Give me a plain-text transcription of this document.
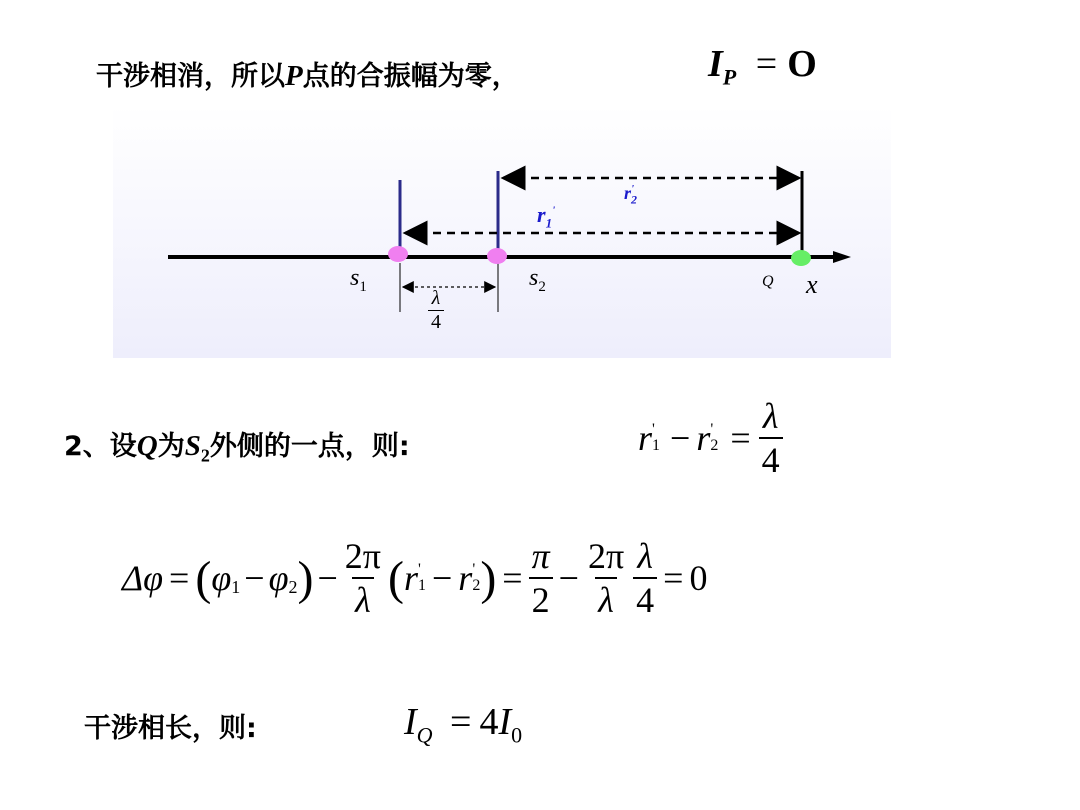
干涉相消，所以P点的合振幅为零，	$I_P = O$
$r_2'$
$r_1'$
$s_1$	$s_2$	Q x
$\frac{\lambda}{4}$
2、设Q为$S_2$外侧的一点，则:	r '
1 − r '
$2 = \frac{\lambda}{4}$
Δφ = ( $\varphi_1 - \varphi_2$ ) − $\frac{2\pi}{\lambda}$ ( r '
1 − r '
2 ) = $\frac{\pi}{2} - \frac{2\pi}{\lambda} \frac{\lambda}{4} = 0$
干涉相长，则:	$I_Q = 4I_0$
